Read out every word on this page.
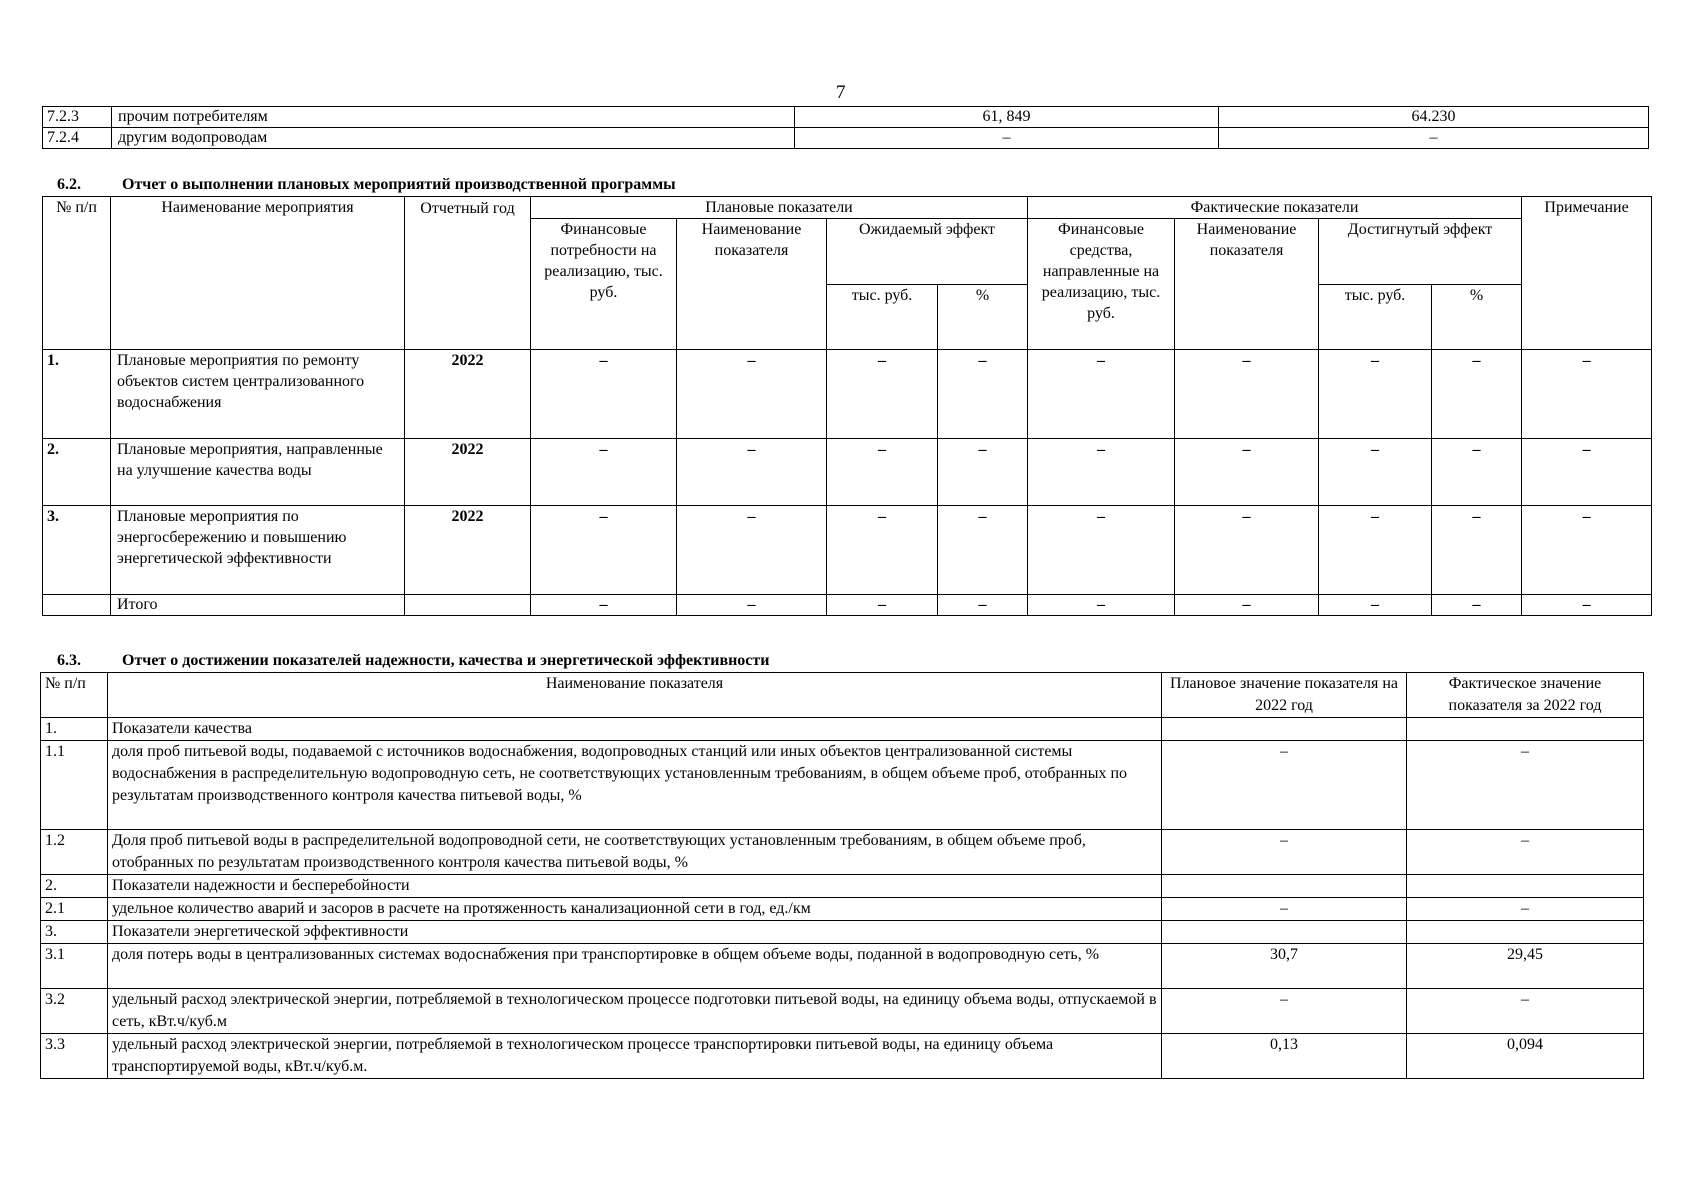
7
7.2.3	прочим потребителям	61, 849	64.230
7.2.4	другим водопроводам	–	–
6.2.	Отчет о выполнении плановых мероприятий производственной программы
№ п/п	Наименование мероприятия	Отчетный год	Плановые показатели				Фактические показатели				Примечание
			Финансовые потребности на реализацию, тыс. руб.	Наименование показателя	Ожидаемый эффект		Финансовые средства, направленные на реализацию, тыс. руб.	Наименование показателя	Достигнутый эффект		
					тыс. руб.	%			тыс. руб.	%	
1.	Плановые мероприятия по ремонту объектов систем централизованного водоснабжения	2022	–	–	–	–	–	–	–	–	–
2.	Плановые мероприятия, направленные на улучшение качества воды	2022	–	–	–	–	–	–	–	–	–
3.	Плановые мероприятия по энергосбережению и повышению энергетической эффективности	2022	–	–	–	–	–	–	–	–	–
	Итого		–	–	–	–	–	–	–	–	–
6.3.	Отчет о достижении показателей надежности, качества и энергетической эффективности
№ п/п	Наименование показателя	Плановое значение показателя на 2022 год	Фактическое значение показателя за 2022 год
1.	Показатели качества		
1.1	доля проб питьевой воды, подаваемой с источников водоснабжения, водопроводных станций или иных объектов централизованной системы водоснабжения в распределительную водопроводную сеть, не соответствующих установленным требованиям, в общем объеме проб, отобранных по результатам производственного контроля качества питьевой воды, %	–	–
1.2	Доля проб питьевой воды в распределительной водопроводной сети, не соответствующих установленным требованиям, в общем объеме проб, отобранных по результатам производственного контроля качества питьевой воды, %	–	–
2.	Показатели надежности и бесперебойности		
2.1	удельное количество аварий и засоров в расчете на протяженность канализационной сети в год, ед./км	–	–
3.	Показатели энергетической эффективности		
3.1	доля потерь воды в централизованных системах водоснабжения при транспортировке в общем объеме воды, поданной в водопроводную сеть, %	30,7	29,45
3.2	удельный расход электрической энергии, потребляемой в технологическом процессе подготовки питьевой воды, на единицу объема воды, отпускаемой в сеть, кВт.ч/куб.м	–	–
3.3	удельный расход электрической энергии, потребляемой в технологическом процессе транспортировки питьевой воды, на единицу объема транспортируемой воды, кВт.ч/куб.м.	0,13	0,094
